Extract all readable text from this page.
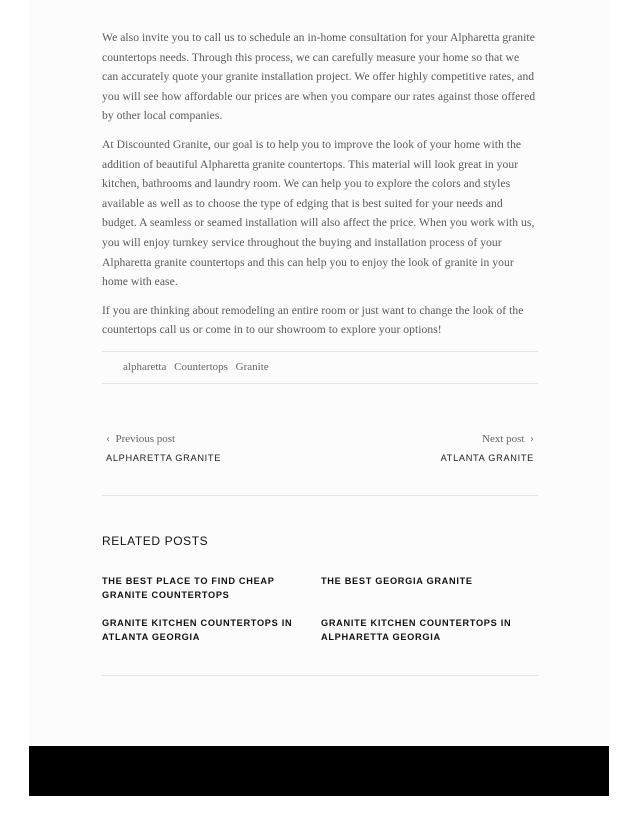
We also invite you to call us to schedule an in-home consultation for your Alpharetta granite countertops needs. Through this process, we can carefully measure your home so that we can accurately quote your granite installation project. We offer highly competitive rates, and you will see how affordable our prices are when you compare our rates against those offered by other local companies.

At Discounted Granite, our goal is to help you to improve the look of your home with the addition of beautiful Alpharetta granite countertops. This material will look great in your kitchen, bathrooms and laundry room. We can help you to explore the colors and styles available as well as to choose the type of edging that is best suited for your needs and budget. A seamless or seamed installation will also affect the price. When you work with us, you will enjoy turnkey service throughout the buying and installation process of your Alpharetta granite countertops and this can help you to enjoy the look of granite in your home with ease.

If you are thinking about remodeling an entire room or just want to change the look of the countertops call us or come in to our showroom to explore your options!

alpharetta Countertops Granite
‹ Previous post
ALPHARETTA GRANITE
Next post ›
ATLANTA GRANITE
RELATED POSTS
THE BEST PLACE TO FIND CHEAP GRANITE COUNTERTOPS
THE BEST GEORGIA GRANITE
GRANITE KITCHEN COUNTERTOPS IN ATLANTA GEORGIA
GRANITE KITCHEN COUNTERTOPS IN ALPHARETTA GEORGIA
